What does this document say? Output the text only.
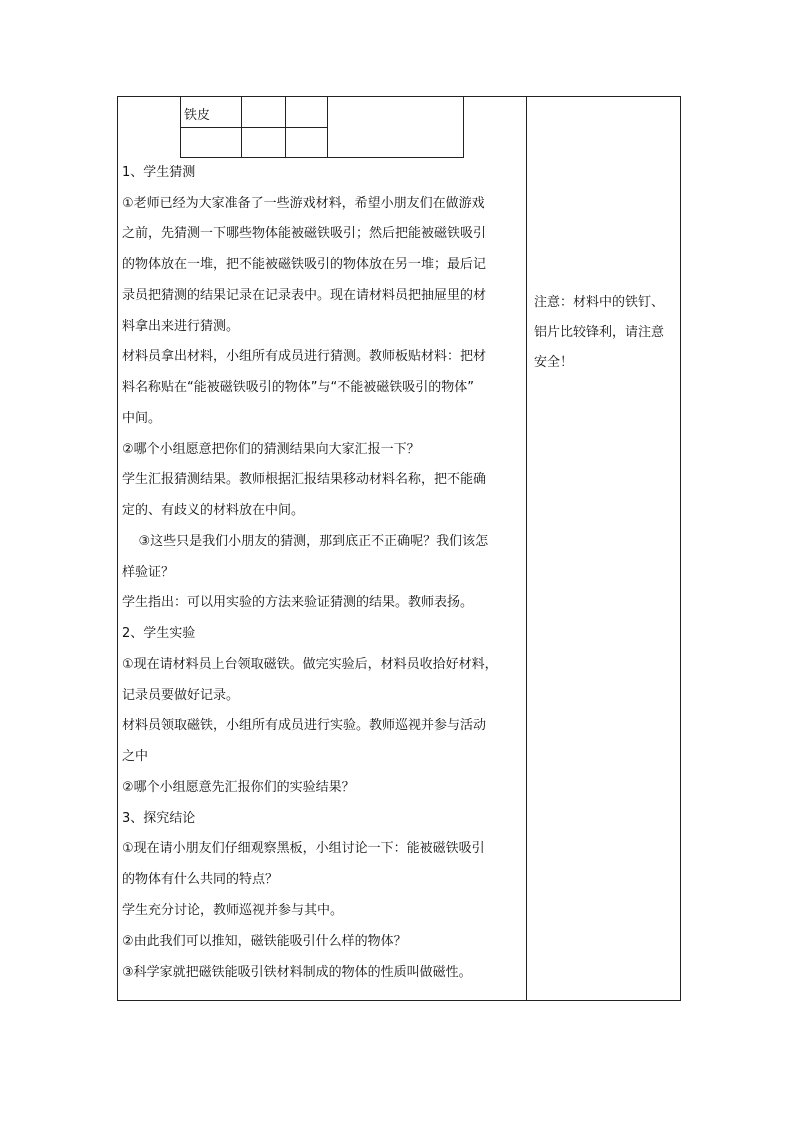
铁皮
1、学生猜测
①老师已经为大家准备了一些游戏材料，希望小朋友们在做游戏
之前，先猜测一下哪些物体能被磁铁吸引；然后把能被磁铁吸引
的物体放在一堆，把不能被磁铁吸引的物体放在另一堆；最后记
录员把猜测的结果记录在记录表中。现在请材料员把抽屉里的材
料拿出来进行猜测。
材料员拿出材料，小组所有成员进行猜测。教师板贴材料：把材
料名称贴在“能被磁铁吸引的物体”与“不能被磁铁吸引的物体”
中间。
②哪个小组愿意把你们的猜测结果向大家汇报一下？
学生汇报猜测结果。教师根据汇报结果移动材料名称，把不能确
定的、有歧义的材料放在中间。
③这些只是我们小朋友的猜测，那到底正不正确呢？我们该怎
样验证？
学生指出：可以用实验的方法来验证猜测的结果。教师表扬。
2、学生实验
①现在请材料员上台领取磁铁。做完实验后，材料员收拾好材料，
记录员要做好记录。
材料员领取磁铁，小组所有成员进行实验。教师巡视并参与活动
之中
②哪个小组愿意先汇报你们的实验结果？
3、探究结论
①现在请小朋友们仔细观察黑板，小组讨论一下：能被磁铁吸引
的物体有什么共同的特点？
学生充分讨论，教师巡视并参与其中。
②由此我们可以推知，磁铁能吸引什么样的物体？
③科学家就把磁铁能吸引铁材料制成的物体的性质叫做磁性。
注意：材料中的铁钉、
铝片比较锋利，请注意
安全！
